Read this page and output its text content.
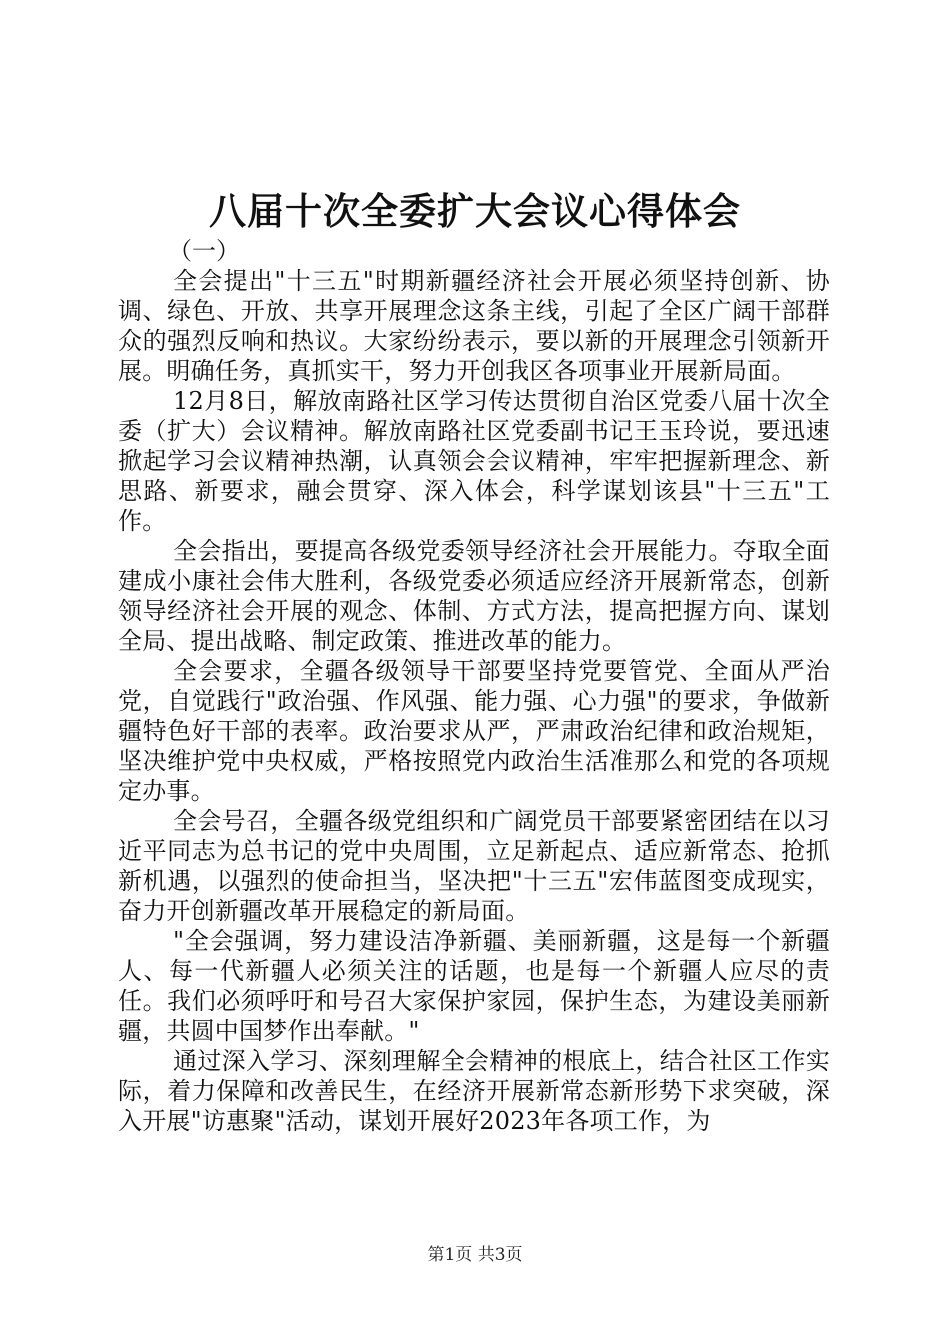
八届十次全委扩大会议心得体会

（一）

全会提出"十三五"时期新疆经济社会开展必须坚持创新、协调、绿色、开放、共享开展理念这条主线，引起了全区广阔干部群众的强烈反响和热议。大家纷纷表示，要以新的开展理念引领新开展。明确任务，真抓实干，努力开创我区各项事业开展新局面。

12月8日，解放南路社区学习传达贯彻自治区党委八届十次全委（扩大）会议精神。解放南路社区党委副书记王玉玲说，要迅速掀起学习会议精神热潮，认真领会会议精神，牢牢把握新理念、新思路、新要求，融会贯穿、深入体会，科学谋划该县"十三五"工作。

全会指出，要提高各级党委领导经济社会开展能力。夺取全面建成小康社会伟大胜利，各级党委必须适应经济开展新常态，创新领导经济社会开展的观念、体制、方式方法，提高把握方向、谋划全局、提出战略、制定政策、推进改革的能力。

全会要求，全疆各级领导干部要坚持党要管党、全面从严治党，自觉践行"政治强、作风强、能力强、心力强"的要求，争做新疆特色好干部的表率。政治要求从严，严肃政治纪律和政治规矩，坚决维护党中央权威，严格按照党内政治生活准那么和党的各项规定办事。

全会号召，全疆各级党组织和广阔党员干部要紧密团结在以习近平同志为总书记的党中央周围，立足新起点、适应新常态、抢抓新机遇，以强烈的使命担当，坚决把"十三五"宏伟蓝图变成现实，奋力开创新疆改革开展稳定的新局面。

"全会强调，努力建设洁净新疆、美丽新疆，这是每一个新疆人、每一代新疆人必须关注的话题，也是每一个新疆人应尽的责任。我们必须呼吁和号召大家保护家园，保护生态，为建设美丽新疆，共圆中国梦作出奉献。"

通过深入学习、深刻理解全会精神的根底上，结合社区工作实际，着力保障和改善民生，在经济开展新常态新形势下求突破，深入开展"访惠聚"活动，谋划开展好2023年各项工作，为

第1页 共3页
